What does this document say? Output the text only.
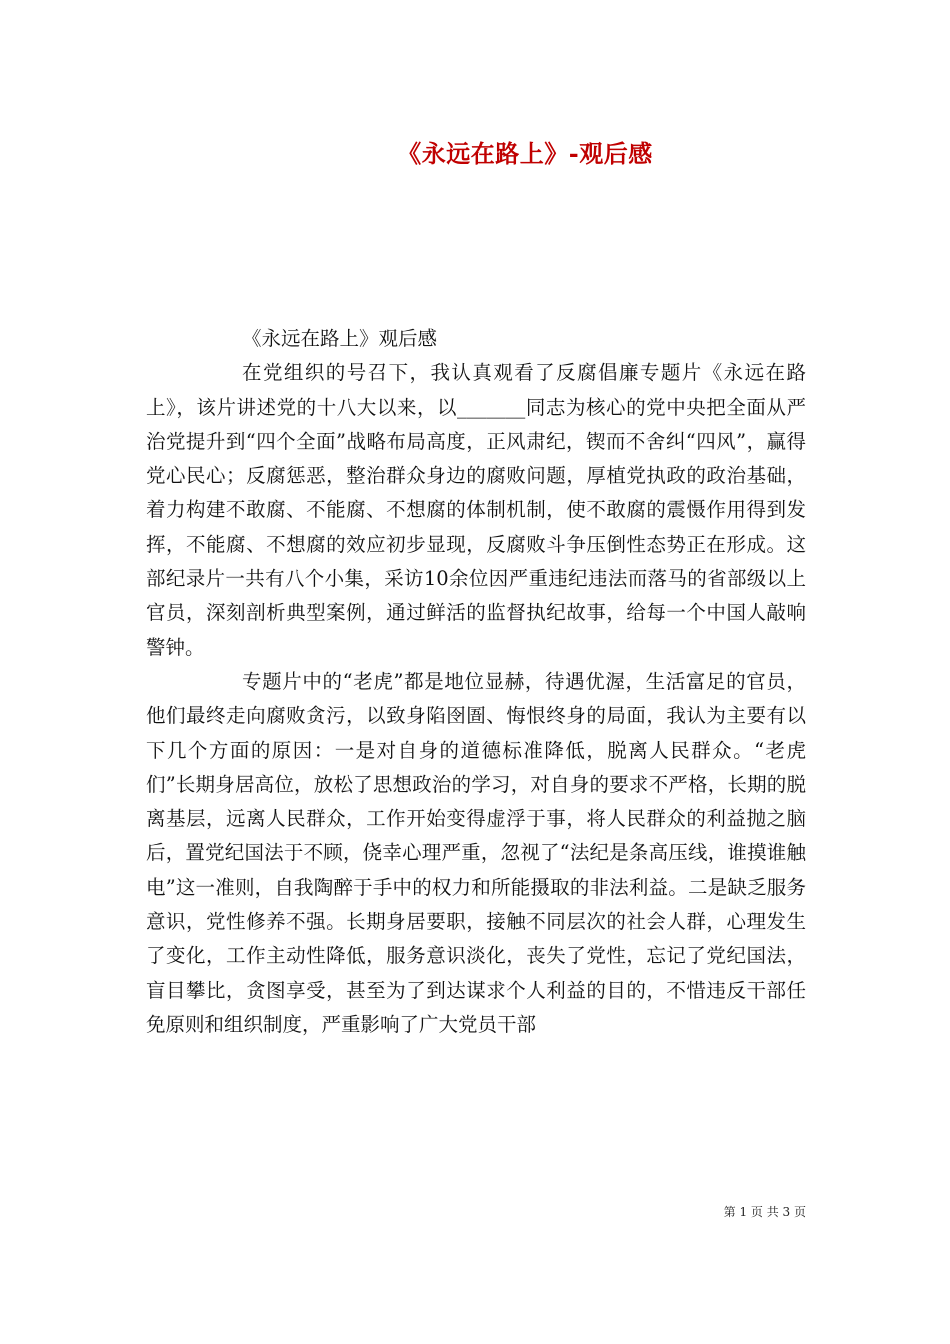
《永远在路上》-观后感

《永远在路上》观后感

在党组织的号召下，我认真观看了反腐倡廉专题片《永远在路上》，该片讲述党的十八大以来，以_______同志为核心的党中央把全面从严治党提升到“四个全面”战略布局高度，正风肃纪，锲而不舍纠“四风”，赢得党心民心；反腐惩恶，整治群众身边的腐败问题，厚植党执政的政治基础，着力构建不敢腐、不能腐、不想腐的体制机制，使不敢腐的震慑作用得到发挥，不能腐、不想腐的效应初步显现，反腐败斗争压倒性态势正在形成。这部纪录片一共有八个小集，采访10余位因严重违纪违法而落马的省部级以上官员，深刻剖析典型案例，通过鲜活的监督执纪故事，给每一个中国人敲响警钟。

专题片中的“老虎”都是地位显赫，待遇优渥，生活富足的官员，他们最终走向腐败贪污，以致身陷囹圄、悔恨终身的局面，我认为主要有以下几个方面的原因：一是对自身的道德标准降低，脱离人民群众。“老虎们”长期身居高位，放松了思想政治的学习，对自身的要求不严格，长期的脱离基层，远离人民群众，工作开始变得虚浮于事，将人民群众的利益抛之脑后，置党纪国法于不顾，侥幸心理严重，忽视了“法纪是条高压线，谁摸谁触电”这一准则，自我陶醉于手中的权力和所能摄取的非法利益。二是缺乏服务意识，党性修养不强。长期身居要职，接触不同层次的社会人群，心理发生了变化，工作主动性降低，服务意识淡化，丧失了党性，忘记了党纪国法，盲目攀比，贪图享受，甚至为了到达谋求个人利益的目的，不惜违反干部任免原则和组织制度，严重影响了广大党员干部

第 1 页 共 3 页
